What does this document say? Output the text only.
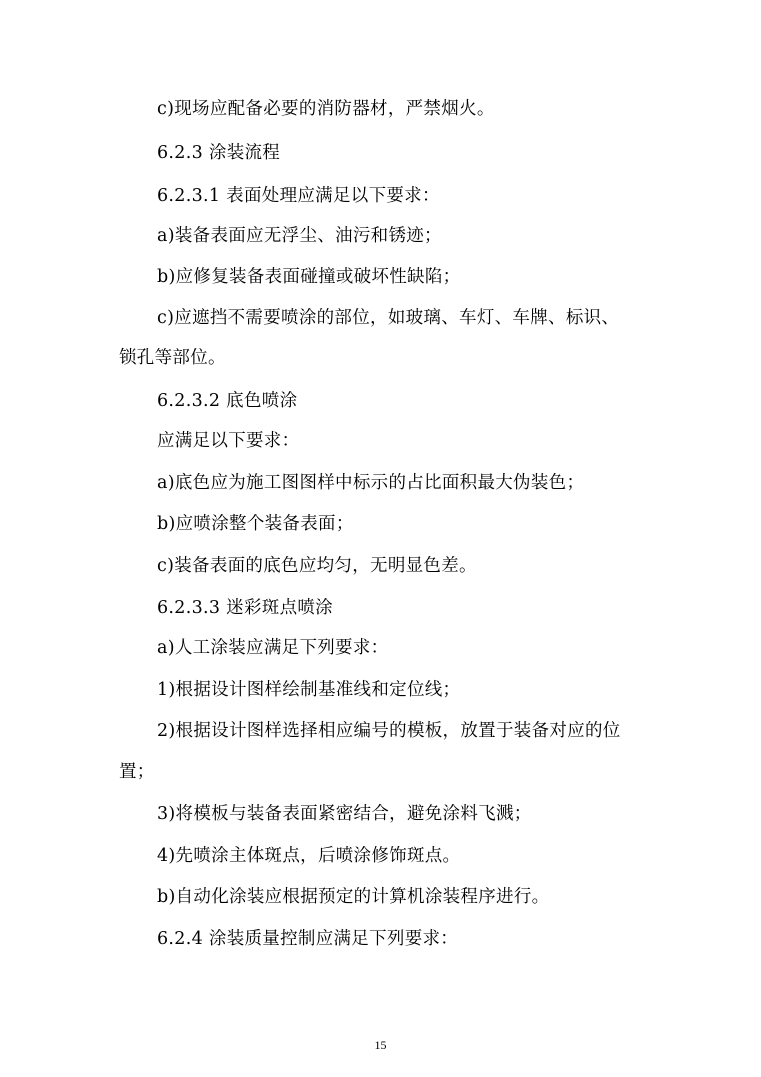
c)现场应配备必要的消防器材，严禁烟火。
6.2.3 涂装流程
6.2.3.1 表面处理应满足以下要求：
a)装备表面应无浮尘、油污和锈迹；
b)应修复装备表面碰撞或破坏性缺陷；
c)应遮挡不需要喷涂的部位，如玻璃、车灯、车牌、标识、
锁孔等部位。
6.2.3.2 底色喷涂
应满足以下要求：
a)底色应为施工图图样中标示的占比面积最大伪装色；
b)应喷涂整个装备表面；
c)装备表面的底色应均匀，无明显色差。
6.2.3.3 迷彩斑点喷涂
a)人工涂装应满足下列要求：
1)根据设计图样绘制基准线和定位线；
2)根据设计图样选择相应编号的模板，放置于装备对应的位
置；
3)将模板与装备表面紧密结合，避免涂料飞溅；
4)先喷涂主体斑点，后喷涂修饰斑点。
b)自动化涂装应根据预定的计算机涂装程序进行。
6.2.4 涂装质量控制应满足下列要求：
15
